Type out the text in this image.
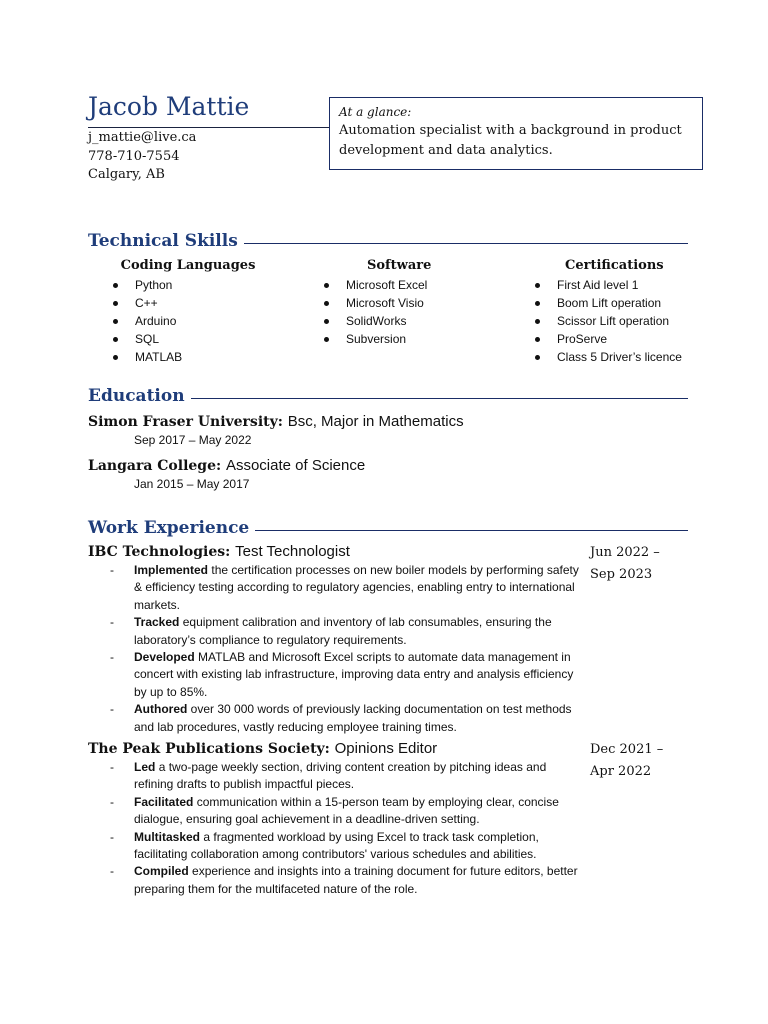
Jacob Mattie
j_mattie@live.ca
778-710-7554
Calgary, AB
At a glance:
Automation specialist with a background in product development and data analytics.
Technical Skills
Coding Languages
Python
C++
Arduino
SQL
MATLAB
Software
Microsoft Excel
Microsoft Visio
SolidWorks
Subversion
Certifications
First Aid level 1
Boom Lift operation
Scissor Lift operation
ProServe
Class 5 Driver’s licence
Education
Simon Fraser University: Bsc, Major in Mathematics
Sep 2017 – May 2022
Langara College: Associate of Science
Jan 2015 – May 2017
Work Experience
IBC Technologies: Test Technologist	Jun 2022 –
Sep 2023
- Implemented the certification processes on new boiler models by performing safety & efficiency testing according to regulatory agencies, enabling entry to international markets.
- Tracked equipment calibration and inventory of lab consumables, ensuring the laboratory’s compliance to regulatory requirements.
- Developed MATLAB and Microsoft Excel scripts to automate data management in concert with existing lab infrastructure, improving data entry and analysis efficiency by up to 85%.
- Authored over 30 000 words of previously lacking documentation on test methods and lab procedures, vastly reducing employee training times.
The Peak Publications Society: Opinions Editor	Dec 2021 –
Apr 2022
- Led a two-page weekly section, driving content creation by pitching ideas and refining drafts to publish impactful pieces.
- Facilitated communication within a 15-person team by employing clear, concise dialogue, ensuring goal achievement in a deadline-driven setting.
- Multitasked a fragmented workload by using Excel to track task completion, facilitating collaboration among contributors' various schedules and abilities.
- Compiled experience and insights into a training document for future editors, better preparing them for the multifaceted nature of the role.
